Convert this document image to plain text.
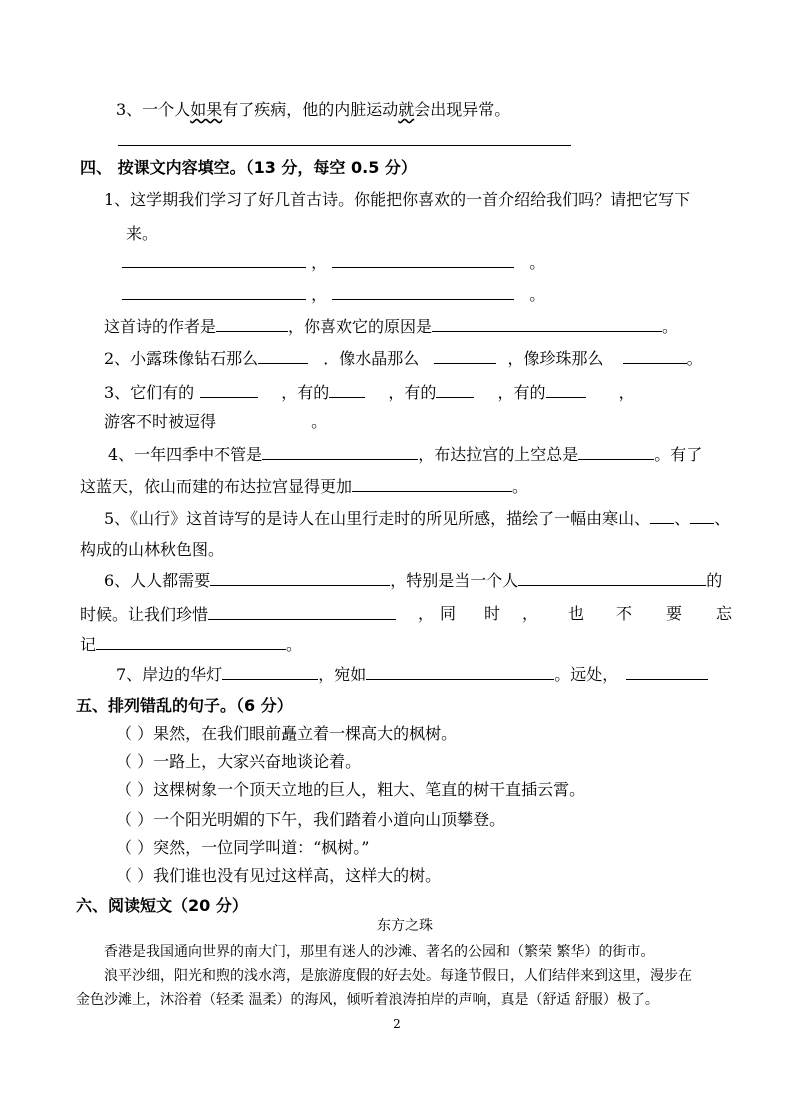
3、一个人如果有了疾病，他的内脏运动就会出现异常。
四、 按课文内容填空。（13 分，每空 0.5 分）
1、这学期我们学习了好几首古诗。你能把你喜欢的一首介绍给我们吗？请把它写下
来。
，	。
，	。
这首诗的作者是	，你喜欢它的原因是	。
2、小露珠像钻石那么	．像水晶那么	，像珍珠那么	。
3、它们有的	，有的	，有的	，有的	，
游客不时被逗得	。
4、一年四季中不管是	，布达拉宫的上空总是	。有了
这蓝天，依山而建的布达拉宫显得更加	。
5、《山行》这首诗写的是诗人在山里行走时的所见所感，描绘了一幅由寒山、 、 、
构成的山林秋色图。
6、人人都需要	，特别是当一个人	的
时候。让我们珍惜	， 同 时 ， 也 不 要 忘
记	。
7、岸边的华灯	，宛如	。远处，
五、排列错乱的句子。（6 分）
（ ）果然，在我们眼前矗立着一棵高大的枫树。
（ ）一路上，大家兴奋地谈论着。
（ ）这棵树象一个顶天立地的巨人，粗大、笔直的树干直插云霄。
（ ）一个阳光明媚的下午，我们踏着小道向山顶攀登。
（ ）突然，一位同学叫道：“枫树。”
（ ）我们谁也没有见过这样高，这样大的树。
六、阅读短文（20 分）
东方之珠
香港是我国通向世界的南大门，那里有迷人的沙滩、著名的公园和（繁荣 繁华）的街市。
浪平沙细，阳光和煦的浅水湾，是旅游度假的好去处。每逢节假日，人们结伴来到这里，漫步在
金色沙滩上，沐浴着（轻柔 温柔）的海风，倾听着浪涛拍岸的声响，真是（舒适 舒服）极了。
2
